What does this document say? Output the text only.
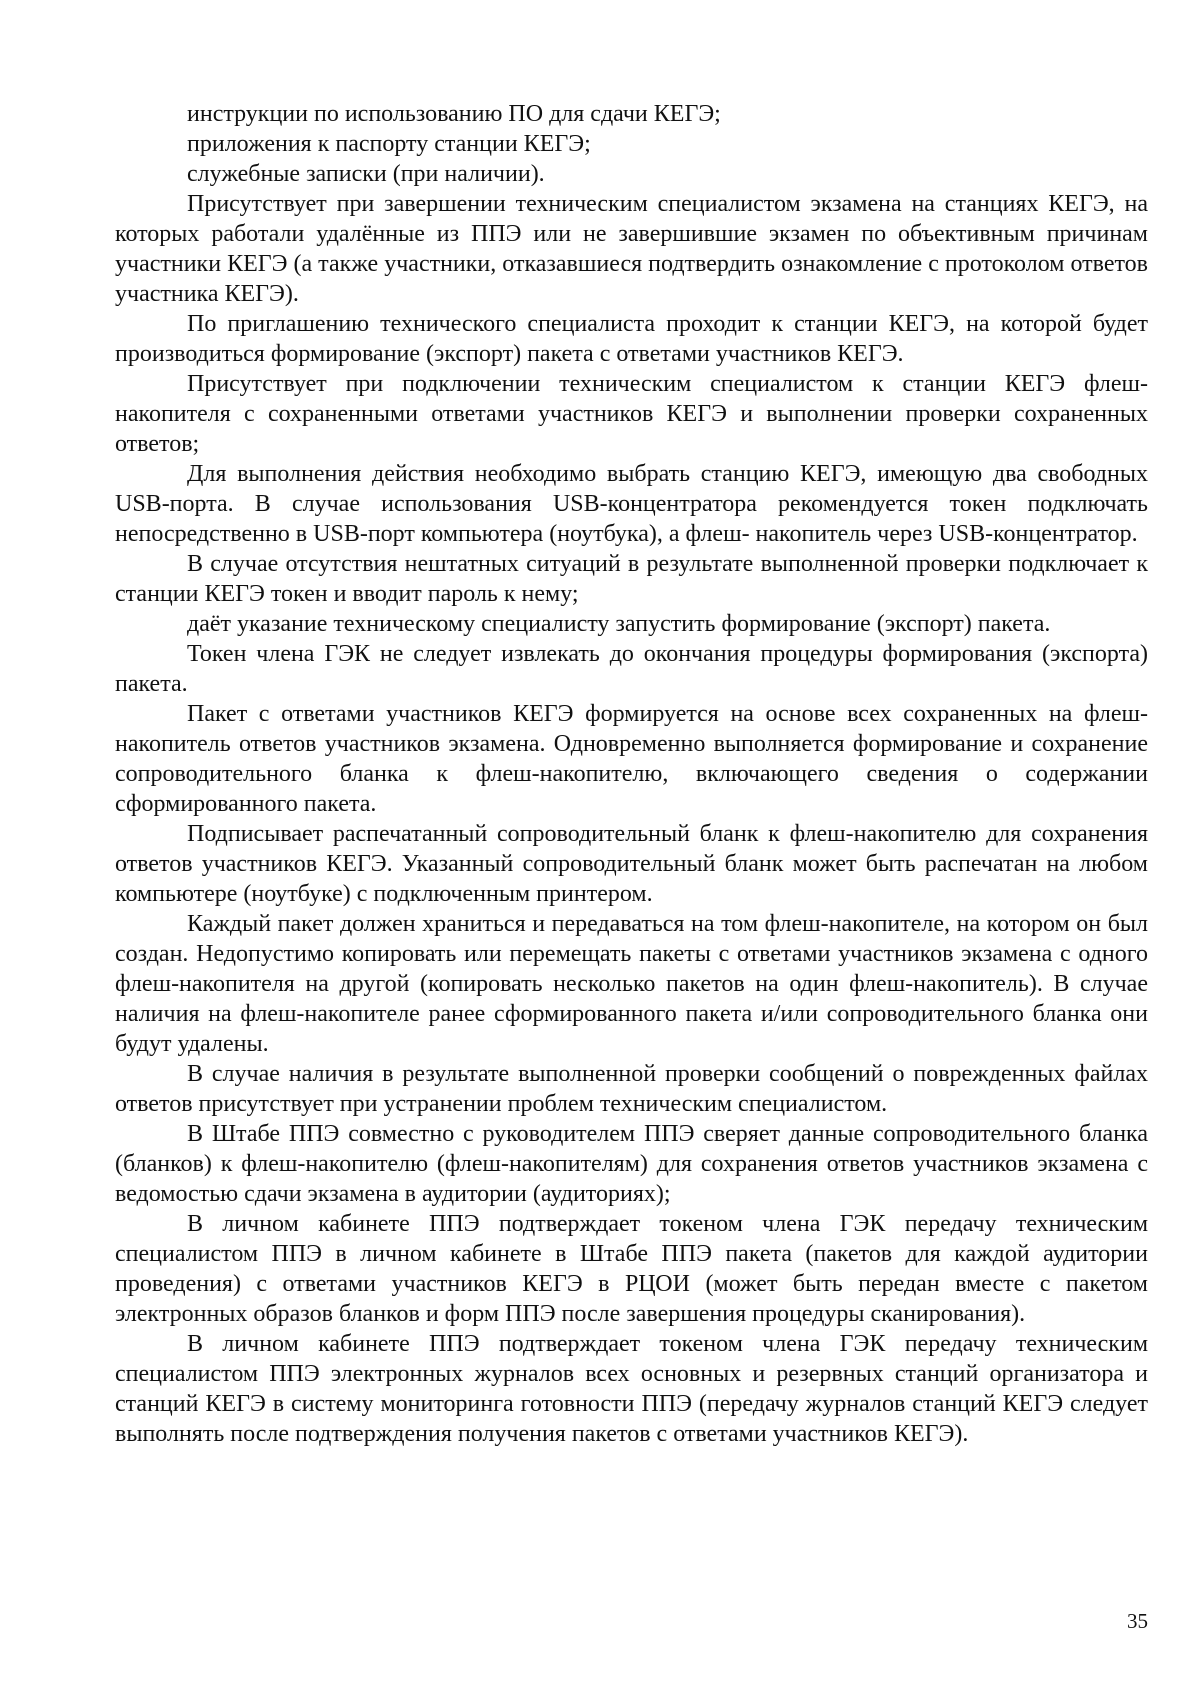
инструкции по использованию ПО для сдачи КЕГЭ;

приложения к паспорту станции КЕГЭ;

служебные записки (при наличии).

Присутствует при завершении техническим специалистом экзамена на станциях КЕГЭ, на которых работали удалённые из ППЭ или не завершившие экзамен по объективным причинам участники КЕГЭ (а также участники, отказавшиеся подтвердить ознакомление с протоколом ответов участника КЕГЭ).

По приглашению технического специалиста проходит к станции КЕГЭ, на которой будет производиться формирование (экспорт) пакета с ответами участников КЕГЭ.

Присутствует при подключении техническим специалистом к станции КЕГЭ флеш-накопителя с сохраненными ответами участников КЕГЭ и выполнении проверки сохраненных ответов;

Для выполнения действия необходимо выбрать станцию КЕГЭ, имеющую два свободных USB-порта. В случае использования USB-концентратора рекомендуется токен подключать непосредственно в USB-порт компьютера (ноутбука), а флеш- накопитель через USB-концентратор.

В случае отсутствия нештатных ситуаций в результате выполненной проверки подключает к станции КЕГЭ токен и вводит пароль к нему;

даёт указание техническому специалисту запустить формирование (экспорт) пакета.

Токен члена ГЭК не следует извлекать до окончания процедуры формирования (экспорта) пакета.

Пакет с ответами участников КЕГЭ формируется на основе всех сохраненных на флеш-накопитель ответов участников экзамена. Одновременно выполняется формирование и сохранение сопроводительного бланка к флеш-накопителю, включающего сведения о содержании сформированного пакета.

Подписывает распечатанный сопроводительный бланк к флеш-накопителю для сохранения ответов участников КЕГЭ. Указанный сопроводительный бланк может быть распечатан на любом компьютере (ноутбуке) с подключенным принтером.

Каждый пакет должен храниться и передаваться на том флеш-накопителе, на котором он был создан. Недопустимо копировать или перемещать пакеты с ответами участников экзамена с одного флеш-накопителя на другой (копировать несколько пакетов на один флеш-накопитель). В случае наличия на флеш-накопителе ранее сформированного пакета и/или сопроводительного бланка они будут удалены.

В случае наличия в результате выполненной проверки сообщений о поврежденных файлах ответов присутствует при устранении проблем техническим специалистом.

В Штабе ППЭ совместно с руководителем ППЭ сверяет данные сопроводительного бланка (бланков) к флеш-накопителю (флеш-накопителям) для сохранения ответов участников экзамена с ведомостью сдачи экзамена в аудитории (аудиториях);

В личном кабинете ППЭ подтверждает токеном члена ГЭК передачу техническим специалистом ППЭ в личном кабинете в Штабе ППЭ пакета (пакетов для каждой аудитории проведения) с ответами участников КЕГЭ в РЦОИ (может быть передан вместе с пакетом электронных образов бланков и форм ППЭ после завершения процедуры сканирования).

В личном кабинете ППЭ подтверждает токеном члена ГЭК передачу техническим специалистом ППЭ электронных журналов всех основных и резервных станций организатора и станций КЕГЭ в систему мониторинга готовности ППЭ (передачу журналов станций КЕГЭ следует выполнять после подтверждения получения пакетов с ответами участников КЕГЭ).

35
